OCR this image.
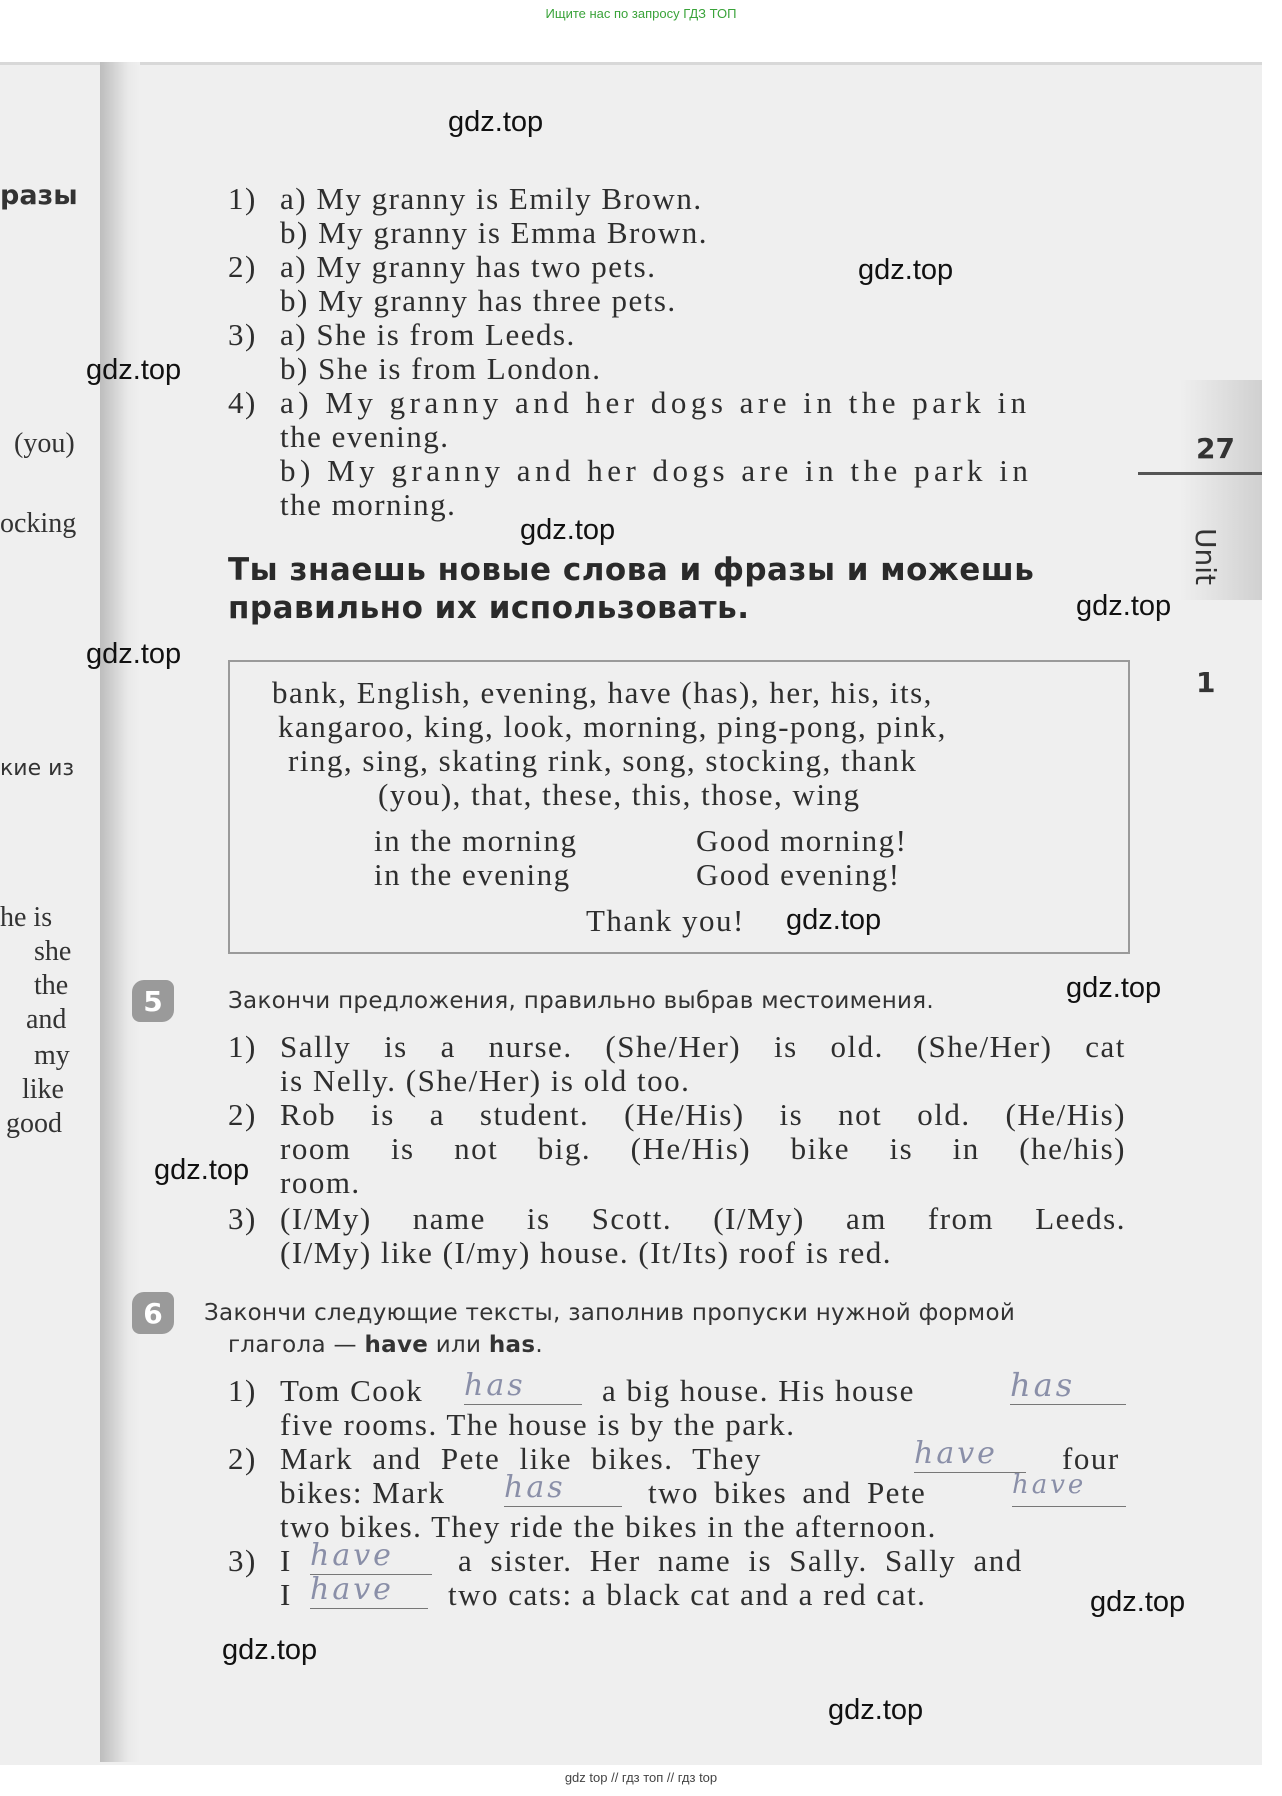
Ищите нас по запросу ГДЗ ТОП
разы
(you)
ocking
кие из
he is
she
the
and
my
like
good
27
Unit
1
1) a) My granny is Emily Brown.
b) My granny is Emma Brown.
2) a) My granny has two pets.
b) My granny has three pets.
3) a) She is from Leeds.
b) She is from London.
4) a) My granny and her dogs are in the park in
the evening.
b) My granny and her dogs are in the park in
the morning.
Ты знаешь новые слова и фразы и можешь
правильно их использовать.
bank, English, evening, have (has), her, his, its,
kangaroo, king, look, morning, ping-pong, pink,
ring, sing, skating rink, song, stocking, thank
(you), that, these, this, those, wing
in the morning	Good morning!
in the evening	Good evening!
Thank you!
5	Закончи предложения, правильно выбрав местоимения.
1) Sally is a nurse. (She/Her) is old. (She/Her) cat
is Nelly. (She/Her) is old too.
2) Rob is a student. (He/His) is not old. (He/His)
room is not big. (He/His) bike is in (he/his)
room.
3) (I/My) name is Scott. (I/My) am from Leeds.
(I/My) like (I/my) house. (It/Its) roof is red.
6	Закончи следующие тексты, заполнив пропуски нужной формой
глагола — have или has.
1) Tom Cook has	a big house. His house	has
five rooms. The house is by the park.
2) Mark and Pete like bikes. They	have	four
bikes: Mark has	two bikes and Pete	have
two bikes. They ride the bikes in the afternoon.
3) I have	a sister. Her name is Sally. Sally and
I have	two cats: a black cat and a red cat.
gdz.top
gdz.top
gdz.top
gdz.top
gdz.top
gdz.top
gdz.top
gdz.top
gdz.top
gdz.top
gdz.top
gdz.top
gdz top // гдз топ // гдз top
